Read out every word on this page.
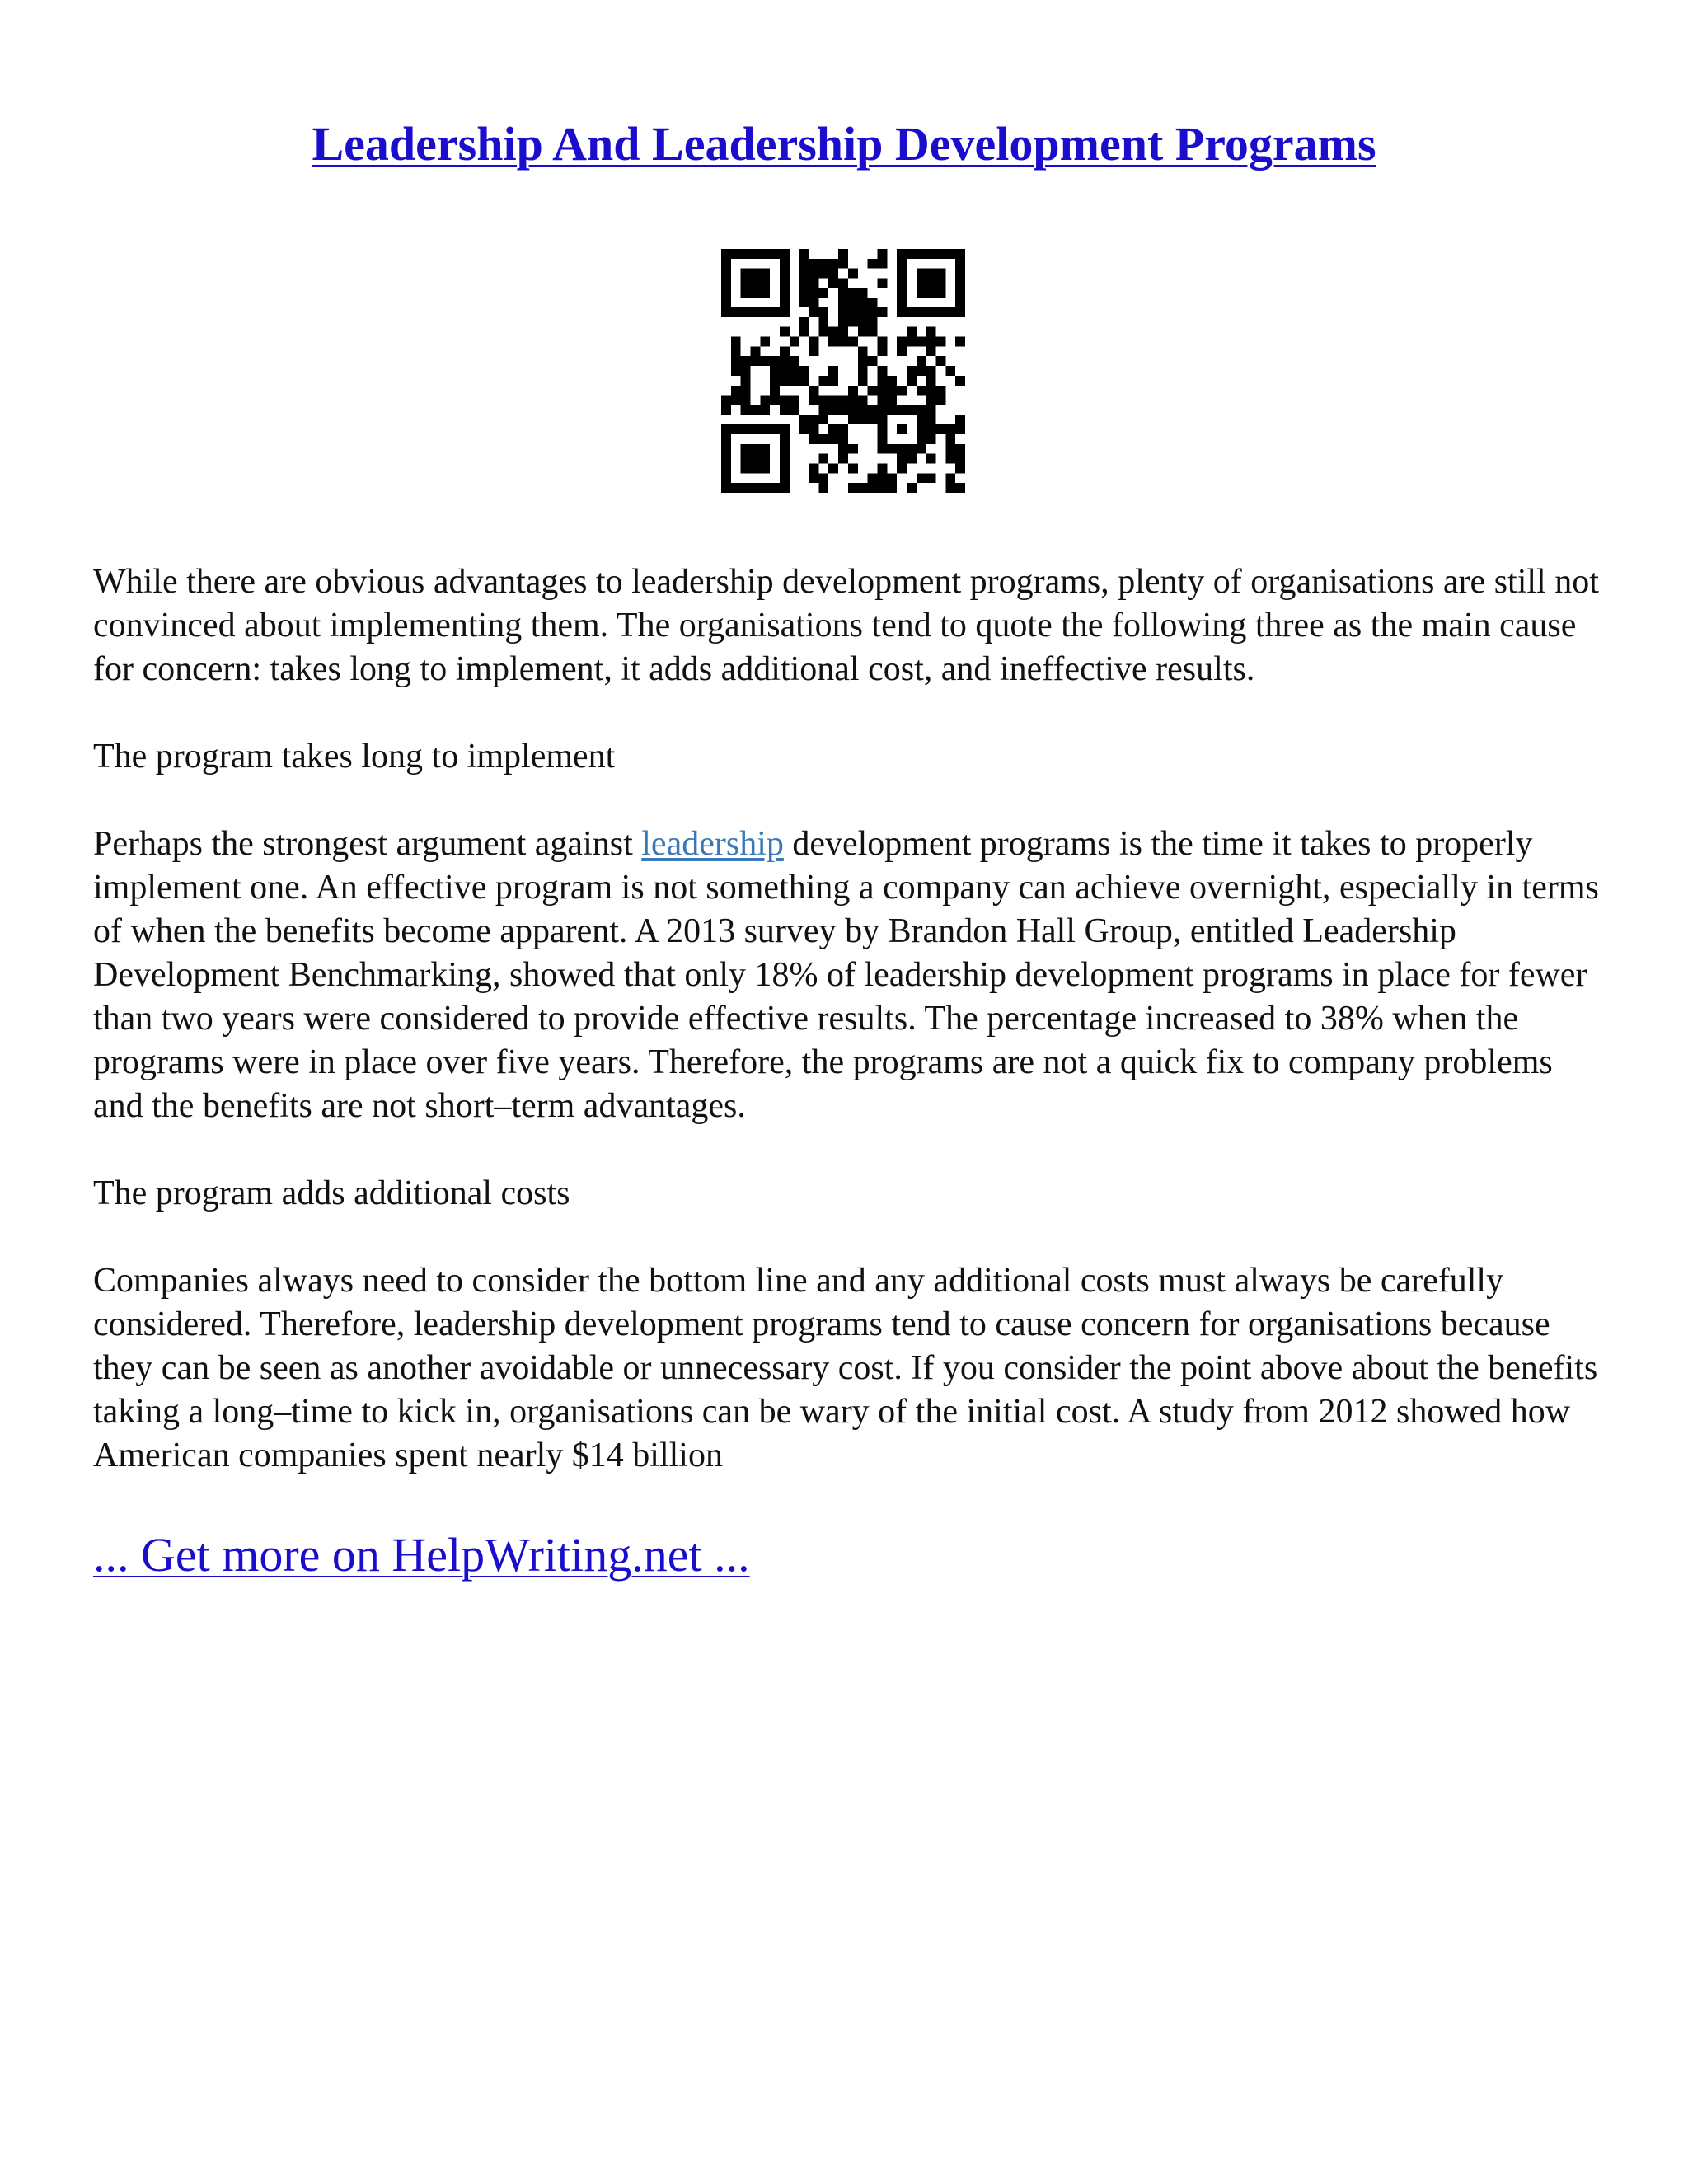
Leadership And Leadership Development Programs

While there are obvious advantages to leadership development programs, plenty of organisations are still not convinced about implementing them. The organisations tend to quote the following three as the main cause for concern: takes long to implement, it adds additional cost, and ineffective results.

The program takes long to implement

Perhaps the strongest argument against leadership development programs is the time it takes to properly implement one. An effective program is not something a company can achieve overnight, especially in terms of when the benefits become apparent. A 2013 survey by Brandon Hall Group, entitled Leadership Development Benchmarking, showed that only 18% of leadership development programs in place for fewer than two years were considered to provide effective results. The percentage increased to 38% when the programs were in place over five years. Therefore, the programs are not a quick fix to company problems and the benefits are not short–term advantages.

The program adds additional costs

Companies always need to consider the bottom line and any additional costs must always be carefully considered. Therefore, leadership development programs tend to cause concern for organisations because they can be seen as another avoidable or unnecessary cost. If you consider the point above about the benefits taking a long–time to kick in, organisations can be wary of the initial cost. A study from 2012 showed how American companies spent nearly $14 billion

... Get more on HelpWriting.net ...
